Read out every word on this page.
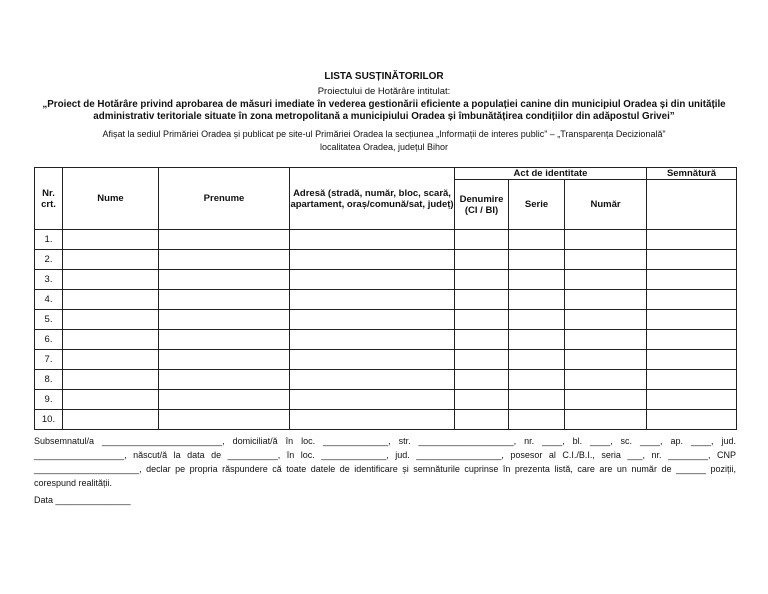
LISTA SUSȚINĂTORILOR
Proiectului de Hotărâre intitulat:
„Proiect de Hotărâre privind aprobarea de măsuri imediate în vederea gestionării eficiente a populației canine din municipiul Oradea și din unitățile administrativ teritoriale situate în zona metropolitană a municipiului Oradea și îmbunătățirea condițiilor din adăpostul Grivei”
Afișat la sediul Primăriei Oradea și publicat pe site-ul Primăriei Oradea la secțiunea „Informații de interes public” – „Transparența Decizională”
localitatea Oradea, județul Bihor
Nr. crt.	Nume	Prenume	Adresă (stradă, număr, bloc, scară, apartament, oraș/comună/sat, județ)	Act de identitate			Semnătură
				Denumire (CI / BI)	Serie	Număr	
1.							
2.							
3.							
4.							
5.							
6.							
7.							
8.							
9.							
10.							
Subsemnatul/a ________________________, domiciliat/ă în loc. _____________, str. ___________________, nr. ____, bl. ____, sc. ____, ap. ____, jud. __________________, născut/ă la data de __________, în loc. _____________, jud. _________________, posesor al C.I./B.I., seria ___, nr. ________, CNP _____________________, declar pe propria răspundere că toate datele de identificare și semnăturile cuprinse în prezenta listă, care are un număr de ______ poziții, corespund realității.
Data _______________
